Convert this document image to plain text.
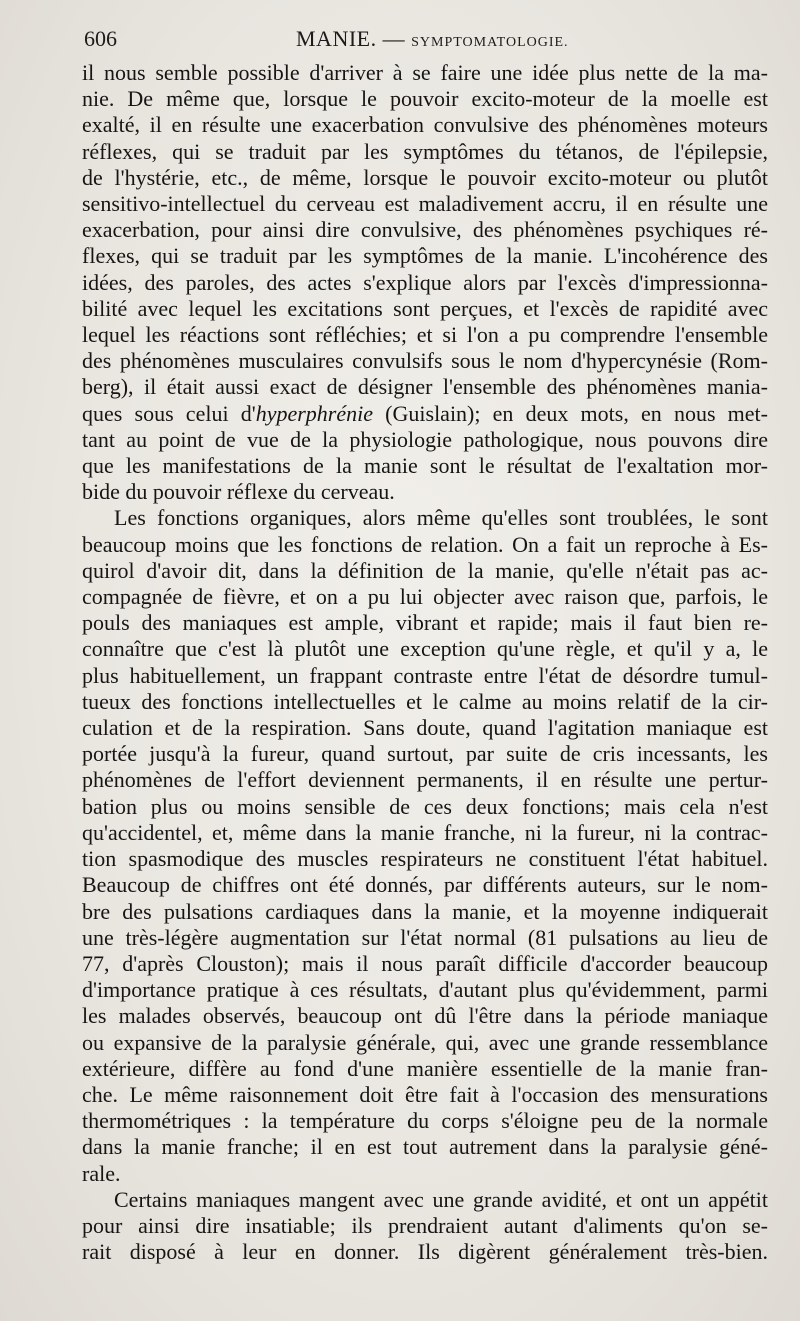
606	MANIE. — SYMPTOMATOLOGIE.

il nous semble possible d'arriver à se faire une idée plus nette de la ma-
nie. De même que, lorsque le pouvoir excito-moteur de la moelle est
exalté, il en résulte une exacerbation convulsive des phénomènes moteurs
réflexes, qui se traduit par les symptômes du tétanos, de l'épilepsie,
de l'hystérie, etc., de même, lorsque le pouvoir excito-moteur ou plutôt
sensitivo-intellectuel du cerveau est maladivement accru, il en résulte une
exacerbation, pour ainsi dire convulsive, des phénomènes psychiques ré-
flexes, qui se traduit par les symptômes de la manie. L'incohérence des
idées, des paroles, des actes s'explique alors par l'excès d'impressionna-
bilité avec lequel les excitations sont perçues, et l'excès de rapidité avec
lequel les réactions sont réfléchies; et si l'on a pu comprendre l'ensemble
des phénomènes musculaires convulsifs sous le nom d'hypercynésie (Rom-
berg), il était aussi exact de désigner l'ensemble des phénomènes mania-
ques sous celui d'hyperphrénie (Guislain); en deux mots, en nous met-
tant au point de vue de la physiologie pathologique, nous pouvons dire
que les manifestations de la manie sont le résultat de l'exaltation mor-
bide du pouvoir réflexe du cerveau.

Les fonctions organiques, alors même qu'elles sont troublées, le sont
beaucoup moins que les fonctions de relation. On a fait un reproche à Es-
quirol d'avoir dit, dans la définition de la manie, qu'elle n'était pas ac-
compagnée de fièvre, et on a pu lui objecter avec raison que, parfois, le
pouls des maniaques est ample, vibrant et rapide; mais il faut bien re-
connaître que c'est là plutôt une exception qu'une règle, et qu'il y a, le
plus habituellement, un frappant contraste entre l'état de désordre tumul-
tueux des fonctions intellectuelles et le calme au moins relatif de la cir-
culation et de la respiration. Sans doute, quand l'agitation maniaque est
portée jusqu'à la fureur, quand surtout, par suite de cris incessants, les
phénomènes de l'effort deviennent permanents, il en résulte une pertur-
bation plus ou moins sensible de ces deux fonctions; mais cela n'est
qu'accidentel, et, même dans la manie franche, ni la fureur, ni la contrac-
tion spasmodique des muscles respirateurs ne constituent l'état habituel.
Beaucoup de chiffres ont été donnés, par différents auteurs, sur le nom-
bre des pulsations cardiaques dans la manie, et la moyenne indiquerait
une très-légère augmentation sur l'état normal (81 pulsations au lieu de
77, d'après Clouston); mais il nous paraît difficile d'accorder beaucoup
d'importance pratique à ces résultats, d'autant plus qu'évidemment, parmi
les malades observés, beaucoup ont dû l'être dans la période maniaque
ou expansive de la paralysie générale, qui, avec une grande ressemblance
extérieure, diffère au fond d'une manière essentielle de la manie fran-
che. Le même raisonnement doit être fait à l'occasion des mensurations
thermométriques : la température du corps s'éloigne peu de la normale
dans la manie franche; il en est tout autrement dans la paralysie géné-
rale.

Certains maniaques mangent avec une grande avidité, et ont un appétit
pour ainsi dire insatiable; ils prendraient autant d'aliments qu'on se-
rait disposé à leur en donner. Ils digèrent généralement très-bien.
